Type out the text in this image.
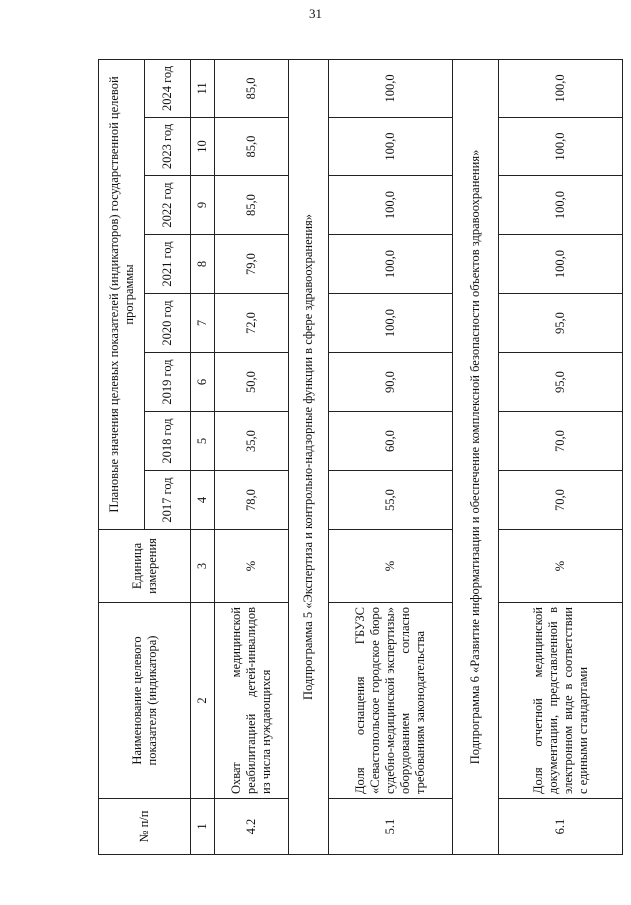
31
№ п/п	Наименование целевого показателя (индикатора)	Единица измерения	Плановые значения целевых показателей (индикаторов) государственной целевой программы							
			2017 год	2018 год	2019 год	2020 год	2021 год	2022 год	2023 год	2024 год
1	2	3	4	5	6	7	8	9	10	11
4.2	Охват медицинской реабилитацией детей-инвалидов из числа нуждающихся	%	78,0	35,0	50,0	72,0	79,0	85,0	85,0	85,0
Подпрограмма 5 «Экспертиза и контрольно-надзорные функции в сфере здравоохранения»										
5.1	Доля оснащения ГБУЗС «Севастопольское городское бюро судебно-медицинской экспертизы» оборудованием согласно требованиям законодательства	%	55,0	60,0	90,0	100,0	100,0	100,0	100,0	100,0
Подпрограмма 6 «Развитие информатизации и обеспечение комплексной безопасности объектов здравоохранения»										
6.1	Доля отчетной медицинской документации, представленной в электронном виде в соответствии с едиными стандартами	%	70,0	70,0	95,0	95,0	100,0	100,0	100,0	100,0
